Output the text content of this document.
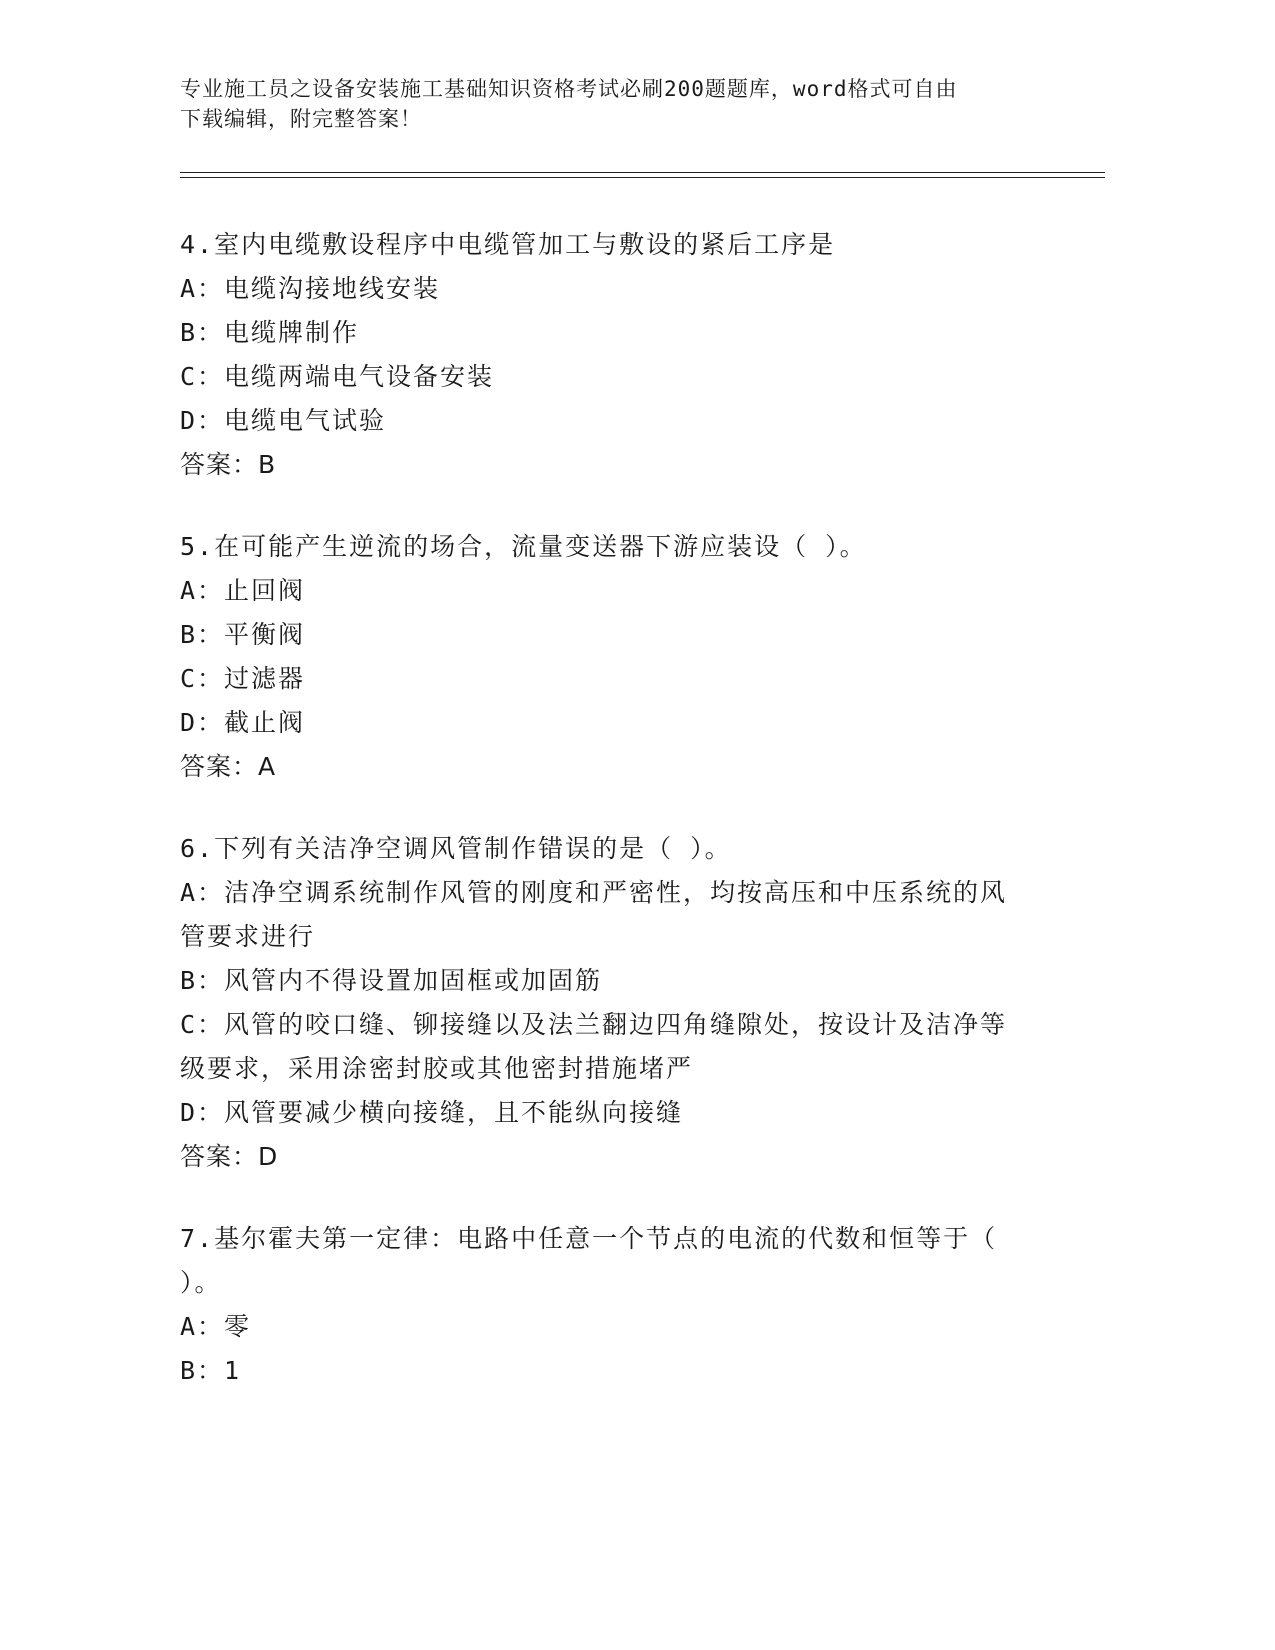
专业施工员之设备安装施工基础知识资格考试必刷200题题库，word格式可自由
下载编辑，附完整答案！
4.室内电缆敷设程序中电缆管加工与敷设的紧后工序是
A：电缆沟接地线安装
B：电缆牌制作
C：电缆两端电气设备安装
D：电缆电气试验
答案：B
5.在可能产生逆流的场合，流量变送器下游应装设（ ）。
A：止回阀
B：平衡阀
C：过滤器
D：截止阀
答案：A
6.下列有关洁净空调风管制作错误的是（ ）。
A：洁净空调系统制作风管的刚度和严密性，均按高压和中压系统的风
管要求进行
B：风管内不得设置加固框或加固筋
C：风管的咬口缝、铆接缝以及法兰翻边四角缝隙处，按设计及洁净等
级要求，采用涂密封胶或其他密封措施堵严
D：风管要减少横向接缝，且不能纵向接缝
答案：D
7.基尔霍夫第一定律：电路中任意一个节点的电流的代数和恒等于（
）。
A：零
B：1
